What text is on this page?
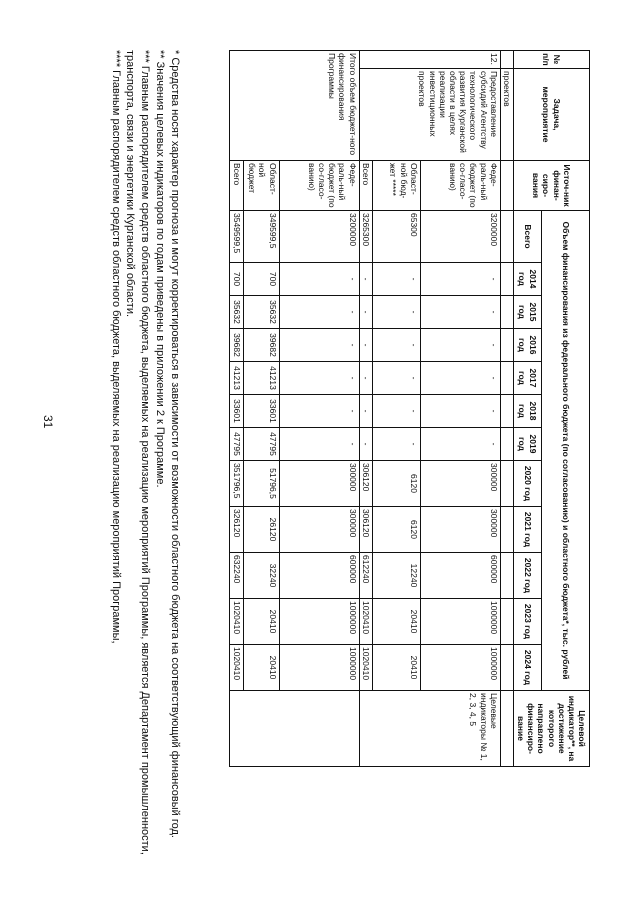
31
№ п/п	Задача, мероприятие	Источ-ник финан-сиро-вания	Объем финансирования из федерального бюджета (по согласованию) и областного бюджета*, тыс. рублей												Целевой индикатор**, на достижение которого направлено финансиро-вание
			Всего	2014 год	2015 год	2016 год	2017 год	2018 год	2019 год	2020 год	2021 год	2022 год	2023 год	2024 год	
	проектов														
12.	Предоставление субсидий Агентству технологического развития Курганской области в целях реализации инвестиционных проектов	Феде-раль-ный бюджет (по со-гласо-ванию)	3200000	-	-	-	-	-	-	300000	300000	600000	1000000	1000000	Целевые индикаторы № 1, 2, 3, 4, 5
		Област-ной бюд-жет *****	65300	-	-	-	-	-	-	6120	6120	12240	20410	20410	
		Всего	3265300	-	-	-	-	-	-	306120	306120	612240	1020410	1020410	
Итого объем бюджет-ного финансирования Программы		Феде-раль-ный бюджет (по со-гласо-ванию)	3200000	-	-	-	-	-	-	300000	300000	600000	1000000	1000000	
		Област-ной бюджет	349599,5	700	35632	39682	41213	33601	47795	51796,5	26120	32240	20410	20410	
		Всего	3549599,5	700	35632	39682	41213	33601	47795	351796,5	326120	632240	1020410	1020410	
* Средства носят характер прогноза и могут корректироваться в зависимости от возможности областного бюджета на соответствующий финансовый год.
** Значения целевых индикаторов по годам приведены в приложении 2 к Программе.
*** Главным распорядителем средств областного бюджета, выделяемых на реализацию мероприятий Программы, является Департамент промышленности, транспорта, связи и энергетики Курганской области.
**** Главным распорядителем средств областного бюджета, выделяемых на реализацию мероприятий Программы,
